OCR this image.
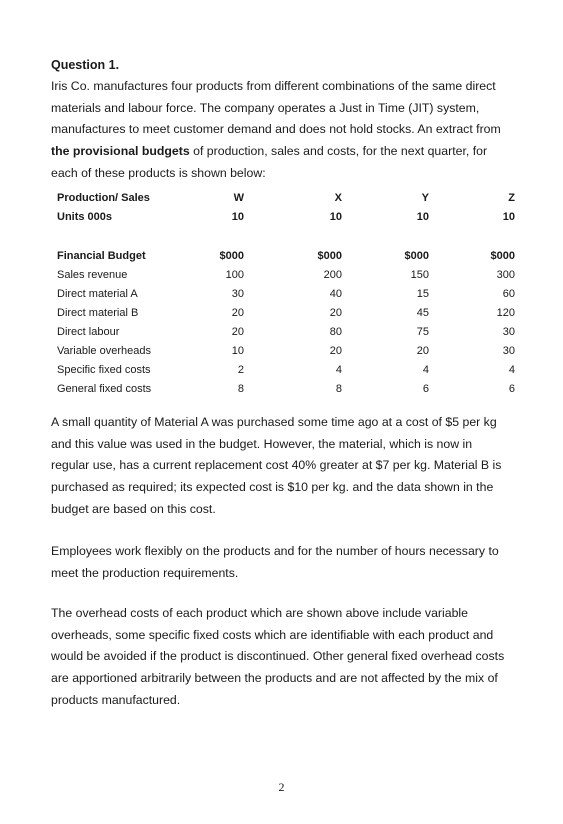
Question 1.

Iris Co. manufactures four products from different combinations of the same direct
materials and labour force. The company operates a Just in Time (JIT) system,
manufactures to meet customer demand and does not hold stocks. An extract from
the provisional budgets of production, sales and costs, for the next quarter, for
each of these products is shown below:

Production/ Sales	W	X	Y	Z
Units 000s	10	10	10	10
Financial Budget	$000	$000	$000	$000
Sales revenue	100	200	150	300
Direct material A	30	40	15	60
Direct material B	20	20	45	120
Direct labour	20	80	75	30
Variable overheads	10	20	20	30
Specific fixed costs	2	4	4	4
General fixed costs	8	8	6	6

A small quantity of Material A was purchased some time ago at a cost of $5 per kg
and this value was used in the budget. However, the material, which is now in
regular use, has a current replacement cost 40% greater at $7 per kg. Material B is
purchased as required; its expected cost is $10 per kg. and the data shown in the
budget are based on this cost.

Employees work flexibly on the products and for the number of hours necessary to
meet the production requirements.

The overhead costs of each product which are shown above include variable
overheads, some specific fixed costs which are identifiable with each product and
would be avoided if the product is discontinued. Other general fixed overhead costs
are apportioned arbitrarily between the products and are not affected by the mix of
products manufactured.

2
